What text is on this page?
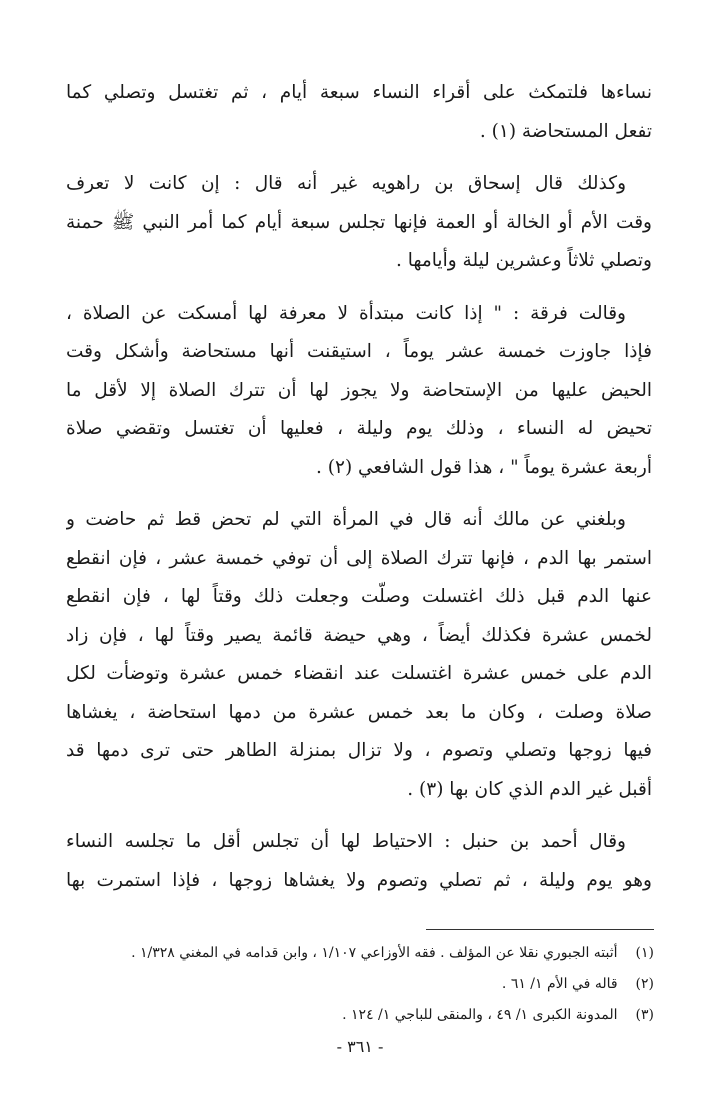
نساءها فلتمكث على أقراء النساء سبعة أيام ، ثم تغتسل وتصلي كما
تفعل المستحاضة (١) .
وكذلك قال إسحاق بن راهويه غير أنه قال : إن كانت لا تعرف
وقت الأم أو الخالة أو العمة فإنها تجلس سبعة أيام كما أمر النبي ﷺ حمنة
وتصلي ثلاثاً وعشرين ليلة وأيامها .
وقالت فرقة : " إذا كانت مبتدأة لا معرفة لها أمسكت عن الصلاة ،
فإذا جاوزت خمسة عشر يوماً ، استيقنت أنها مستحاضة وأشكل وقت
الحيض عليها من الإستحاضة ولا يجوز لها أن تترك الصلاة إلا لأقل ما
تحيض له النساء ، وذلك يوم وليلة ، فعليها أن تغتسل وتقضي صلاة
أربعة عشرة يوماً " ، هذا قول الشافعي (٢) .
وبلغني عن مالك أنه قال في المرأة التي لم تحض قط ثم حاضت و
استمر بها الدم ، فإنها تترك الصلاة إلى أن توفي خمسة عشر ، فإن انقطع
عنها الدم قبل ذلك اغتسلت وصلّت وجعلت ذلك وقتاً لها ، فإن انقطع
لخمس عشرة فكذلك أيضاً ، وهي حيضة قائمة يصير وقتاً لها ، فإن زاد
الدم على خمس عشرة اغتسلت عند انقضاء خمس عشرة وتوضأت لكل
صلاة وصلت ، وكان ما بعد خمس عشرة من دمها استحاضة ، يغشاها
فيها زوجها وتصلي وتصوم ، ولا تزال بمنزلة الطاهر حتى ترى دمها قد
أقبل غير الدم الذي كان بها (٣) .
وقال أحمد بن حنبل : الاحتياط لها أن تجلس أقل ما تجلسه النساء
وهو يوم وليلة ، ثم تصلي وتصوم ولا يغشاها زوجها ، فإذا استمرت بها
(١) أثبته الجبوري نقلا عن المؤلف . فقه الأوزاعي ١/١٠٧ ، وابن قدامه في المغني ١/٣٢٨ .
(٢) قاله في الأم ١/ ٦١ .
(٣) المدونة الكبرى ١/ ٤٩ ، والمنقى للباجي ١/ ١٢٤ .
- ٣٦١ -
